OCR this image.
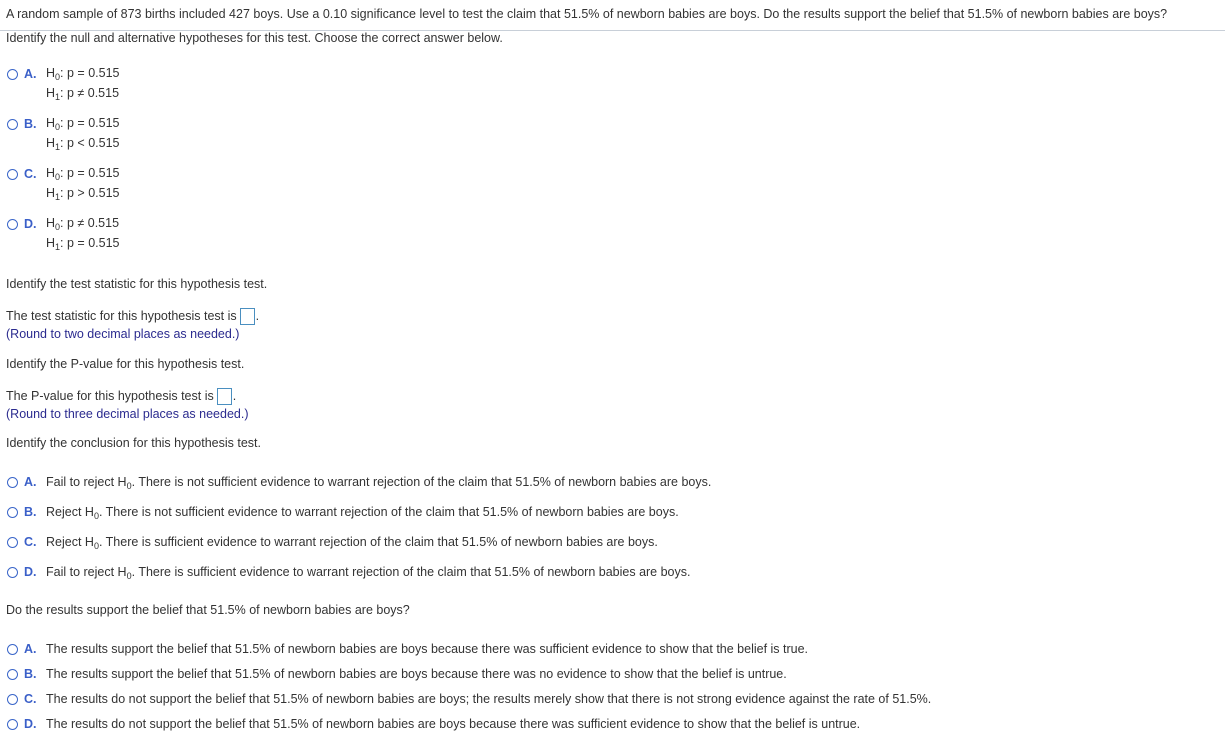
A random sample of 873 births included 427 boys. Use a 0.10 significance level to test the claim that 51.5% of newborn babies are boys. Do the results support the belief that 51.5% of newborn babies are boys?
Identify the null and alternative hypotheses for this test. Choose the correct answer below.
A. $H_0$: p = 0.515
$H_1$: p ≠ 0.515
B. $H_0$: p = 0.515
$H_1$: p < 0.515
C. $H_0$: p = 0.515
$H_1$: p > 0.515
D. $H_0$: p ≠ 0.515
$H_1$: p = 0.515
Identify the test statistic for this hypothesis test.
The test statistic for this hypothesis test is .
(Round to two decimal places as needed.)
Identify the P-value for this hypothesis test.
The P-value for this hypothesis test is .
(Round to three decimal places as needed.)
Identify the conclusion for this hypothesis test.
A. Fail to reject $H_0$. There is not sufficient evidence to warrant rejection of the claim that 51.5% of newborn babies are boys.
B. Reject $H_0$. There is not sufficient evidence to warrant rejection of the claim that 51.5% of newborn babies are boys.
C. Reject $H_0$. There is sufficient evidence to warrant rejection of the claim that 51.5% of newborn babies are boys.
D. Fail to reject $H_0$. There is sufficient evidence to warrant rejection of the claim that 51.5% of newborn babies are boys.
Do the results support the belief that 51.5% of newborn babies are boys?
A. The results support the belief that 51.5% of newborn babies are boys because there was sufficient evidence to show that the belief is true.
B. The results support the belief that 51.5% of newborn babies are boys because there was no evidence to show that the belief is untrue.
C. The results do not support the belief that 51.5% of newborn babies are boys; the results merely show that there is not strong evidence against the rate of 51.5%.
D. The results do not support the belief that 51.5% of newborn babies are boys because there was sufficient evidence to show that the belief is untrue.
